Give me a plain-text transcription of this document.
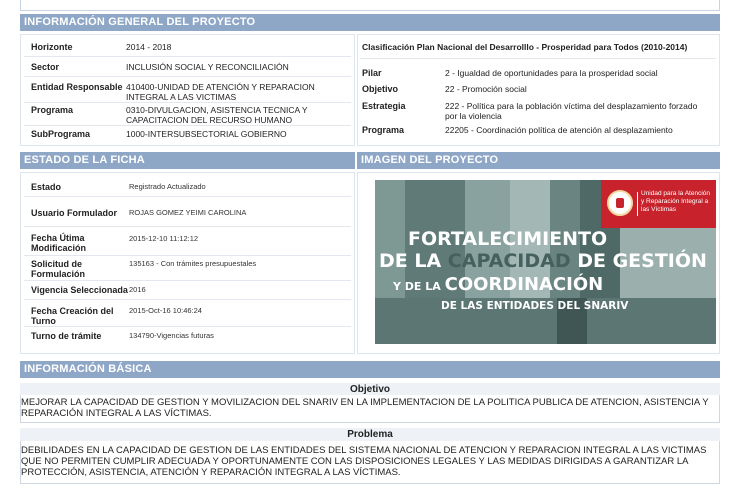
INFORMACIÓN GENERAL DEL PROYECTO
Horizonte	2014 - 2018
Sector	INCLUSIÓN SOCIAL Y RECONCILIACIÓN
Entidad Responsable 410400-UNIDAD DE ATENCIÓN Y REPARACION INTEGRAL A LAS VICTIMAS
Programa	0310-DIVULGACION, ASISTENCIA TECNICA Y CAPACITACION DEL RECURSO HUMANO
SubPrograma	1000-INTERSUBSECTORIAL GOBIERNO
Clasificación Plan Nacional del Desarrolllo - Prosperidad para Todos (2010-2014)
Pilar	2 - Igualdad de oportunidades para la prosperidad social
Objetivo	22 - Promoción social
Estrategia	222 - Política para la población víctima del desplazamiento forzado por la violencia
Programa	22205 - Coordinación política de atención al desplazamiento
ESTADO DE LA FICHA	IMAGEN DEL PROYECTO
Estado	Registrado Actualizado
Usuario Formulador ROJAS GOMEZ YEIMI CAROLINA
Fecha Útima Modificación
2015-12-10 11:12:12
Solicitud de Formulación
135163 - Con trámites presupuestales
Vigencia Seleccionada 2016
Fecha Creación del Turno
2015-Oct-16 10:46:24
Turno de trámite	134790-Vigencias futuras
Unidad para la Atención y Reparación Integral a las Víctimas
FORTALECIMIENTO
DE LA CAPACIDAD DE GESTIÓN
Y DE LA COORDINACIÓN
DE LAS ENTIDADES DEL SNARIV
INFORMACIÓN BÁSICA
Objetivo
MEJORAR LA CAPACIDAD DE GESTION Y MOVILIZACION DEL SNARIV EN LA IMPLEMENTACION DE LA POLITICA PUBLICA DE ATENCION, ASISTENCIA Y REPARACIÓN INTEGRAL A LAS VÍCTIMAS.
Problema
DEBILIDADES EN LA CAPACIDAD DE GESTION DE LAS ENTIDADES DEL SISTEMA NACIONAL DE ATENCION Y REPARACION INTEGRAL A LAS VICTIMAS QUE NO PERMITEN CUMPLIR ADECUADA Y OPORTUNAMENTE CON LAS DISPOSICIONES LEGALES Y LAS MEDIDAS DIRIGIDAS A GARANTIZAR LA PROTECCIÓN, ASISTENCIA, ATENCIÓN Y REPARACIÓN INTEGRAL A LAS VÍCTIMAS.
